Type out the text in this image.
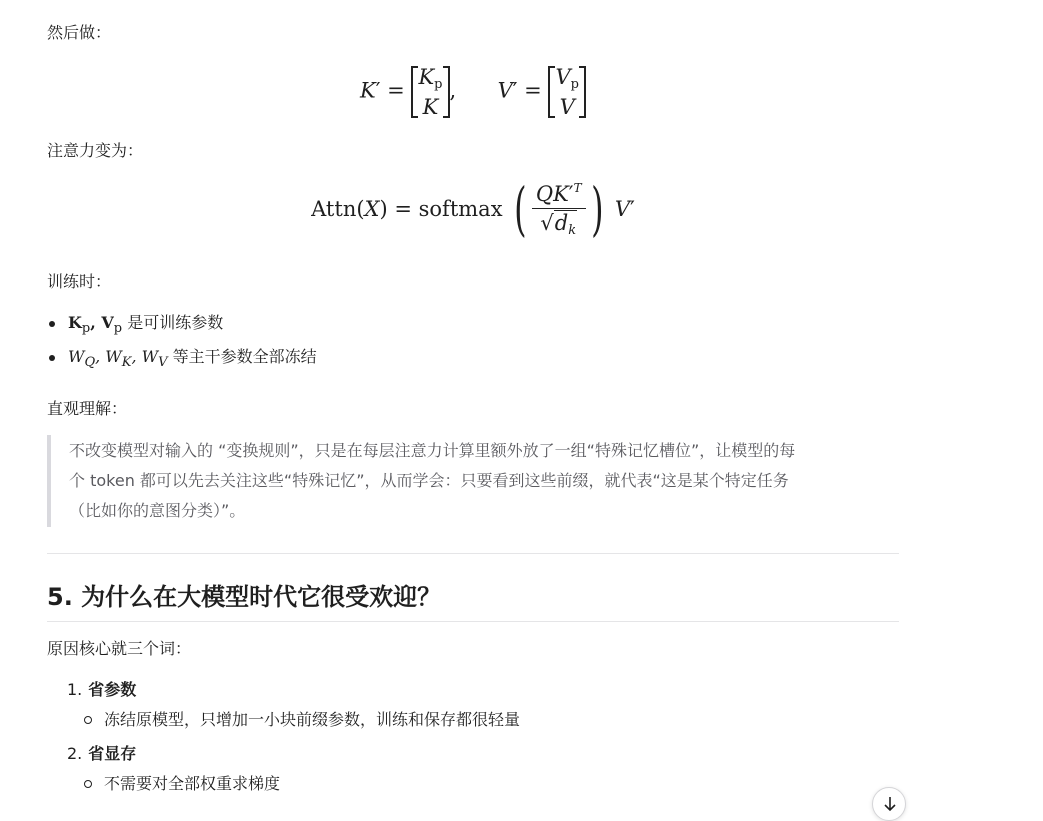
然后做：
$K' = K_p$
K, $V' = V_p$
V
注意力变为：
Attn(X) = softmax ( $\frac{QK'^T}{√d_k}$ ) V′
训练时：
$K_p$, $V_p$ 是可训练参数
$W_Q$, $W_K$, $W_V$ 等主干参数全部冻结
直观理解：
不改变模型对输入的 “变换规则”，只是在每层注意力计算里额外放了一组“特殊记忆槽位”，让模型的每
个 token 都可以先去关注这些“特殊记忆”，从而学会：只要看到这些前缀，就代表“这是某个特定任务
（比如你的意图分类）”。
5. 为什么在大模型时代它很受欢迎？
原因核心就三个词：
1. 省参数
冻结原模型，只增加一小块前缀参数，训练和保存都很轻量
2. 省显存
不需要对全部权重求梯度
